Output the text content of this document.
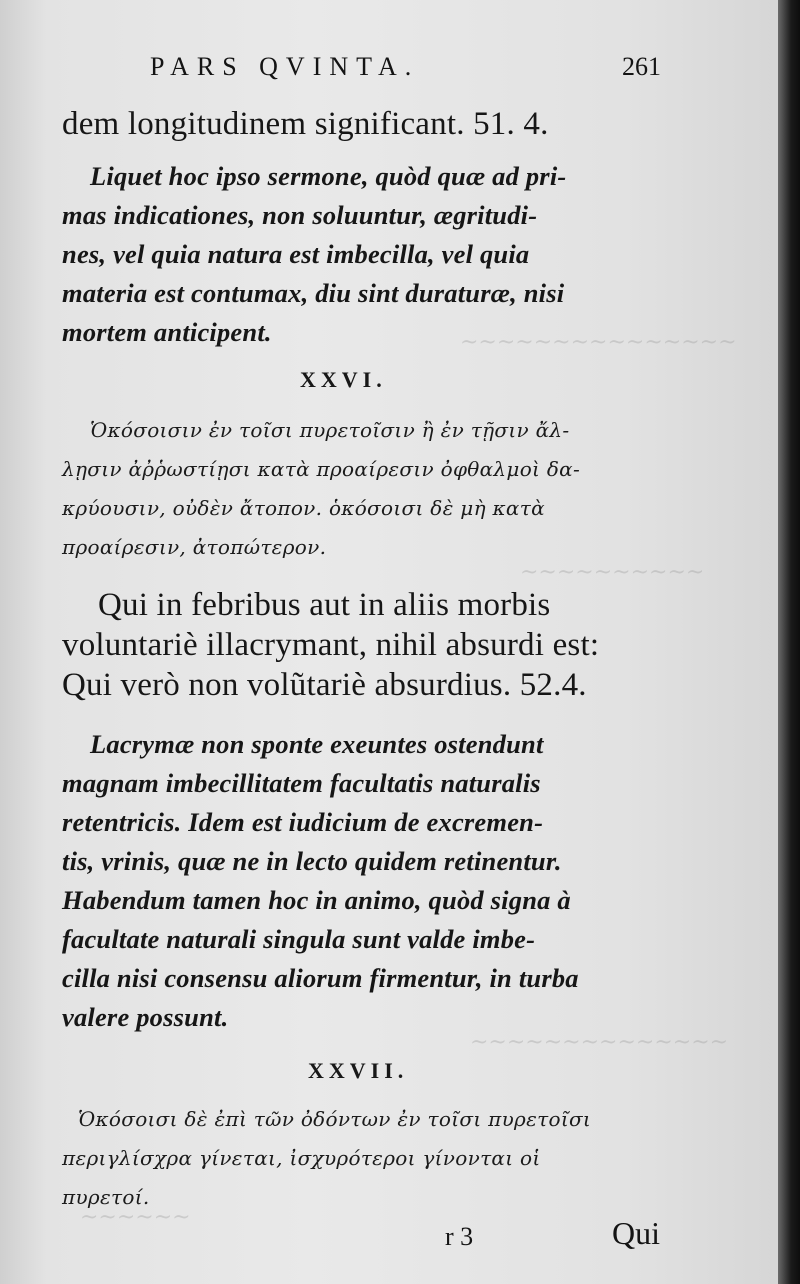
~~~~~~~~~~~~~~~
~~~~~~~~~~
~~~~~~~~~~~~~~
~~~~~~
PARS QVINTA.	261
dem longitudinem significant. 51. 4.
Liquet hoc ipso sermone, quòd quæ ad pri-
mas indicationes, non soluuntur, ægritudi-
nes, vel quia natura est imbecilla, vel quia
materia est contumax, diu sint duraturæ, nisi
mortem anticipent.
XXVI.
Ὁκόσοισιν ἐν τοῖσι πυρετοῖσιν ἢ ἐν τῇσιν ἄλ-
λῃσιν ἀῤῥωστίῃσι κατὰ προαίρεσιν ὀφθαλμοὶ δα-
κρύουσιν, οὐδὲν ἄτοπον. ὁκόσοισι δὲ μὴ κατὰ
προαίρεσιν, ἀτοπώτερον.
Qui in febribus aut in aliis morbis
voluntariè illacrymant, nihil absurdi est:
Qui verò non volũtariè absurdius. 52.4.
Lacrymæ non sponte exeuntes ostendunt
magnam imbecillitatem facultatis naturalis
retentricis. Idem est iudicium de excremen-
tis, vrinis, quæ ne in lecto quidem retinentur.
Habendum tamen hoc in animo, quòd signa à
facultate naturali singula sunt valde imbe-
cilla nisi consensu aliorum firmentur, in turba
valere possunt.
XXVII.
Ὁκόσοισι δὲ ἐπὶ τῶν ὀδόντων ἐν τοῖσι πυρετοῖσι
περιγλίσχρα γίνεται, ἰσχυρότεροι γίνονται οἱ
πυρετοί.
r 3	Qui
